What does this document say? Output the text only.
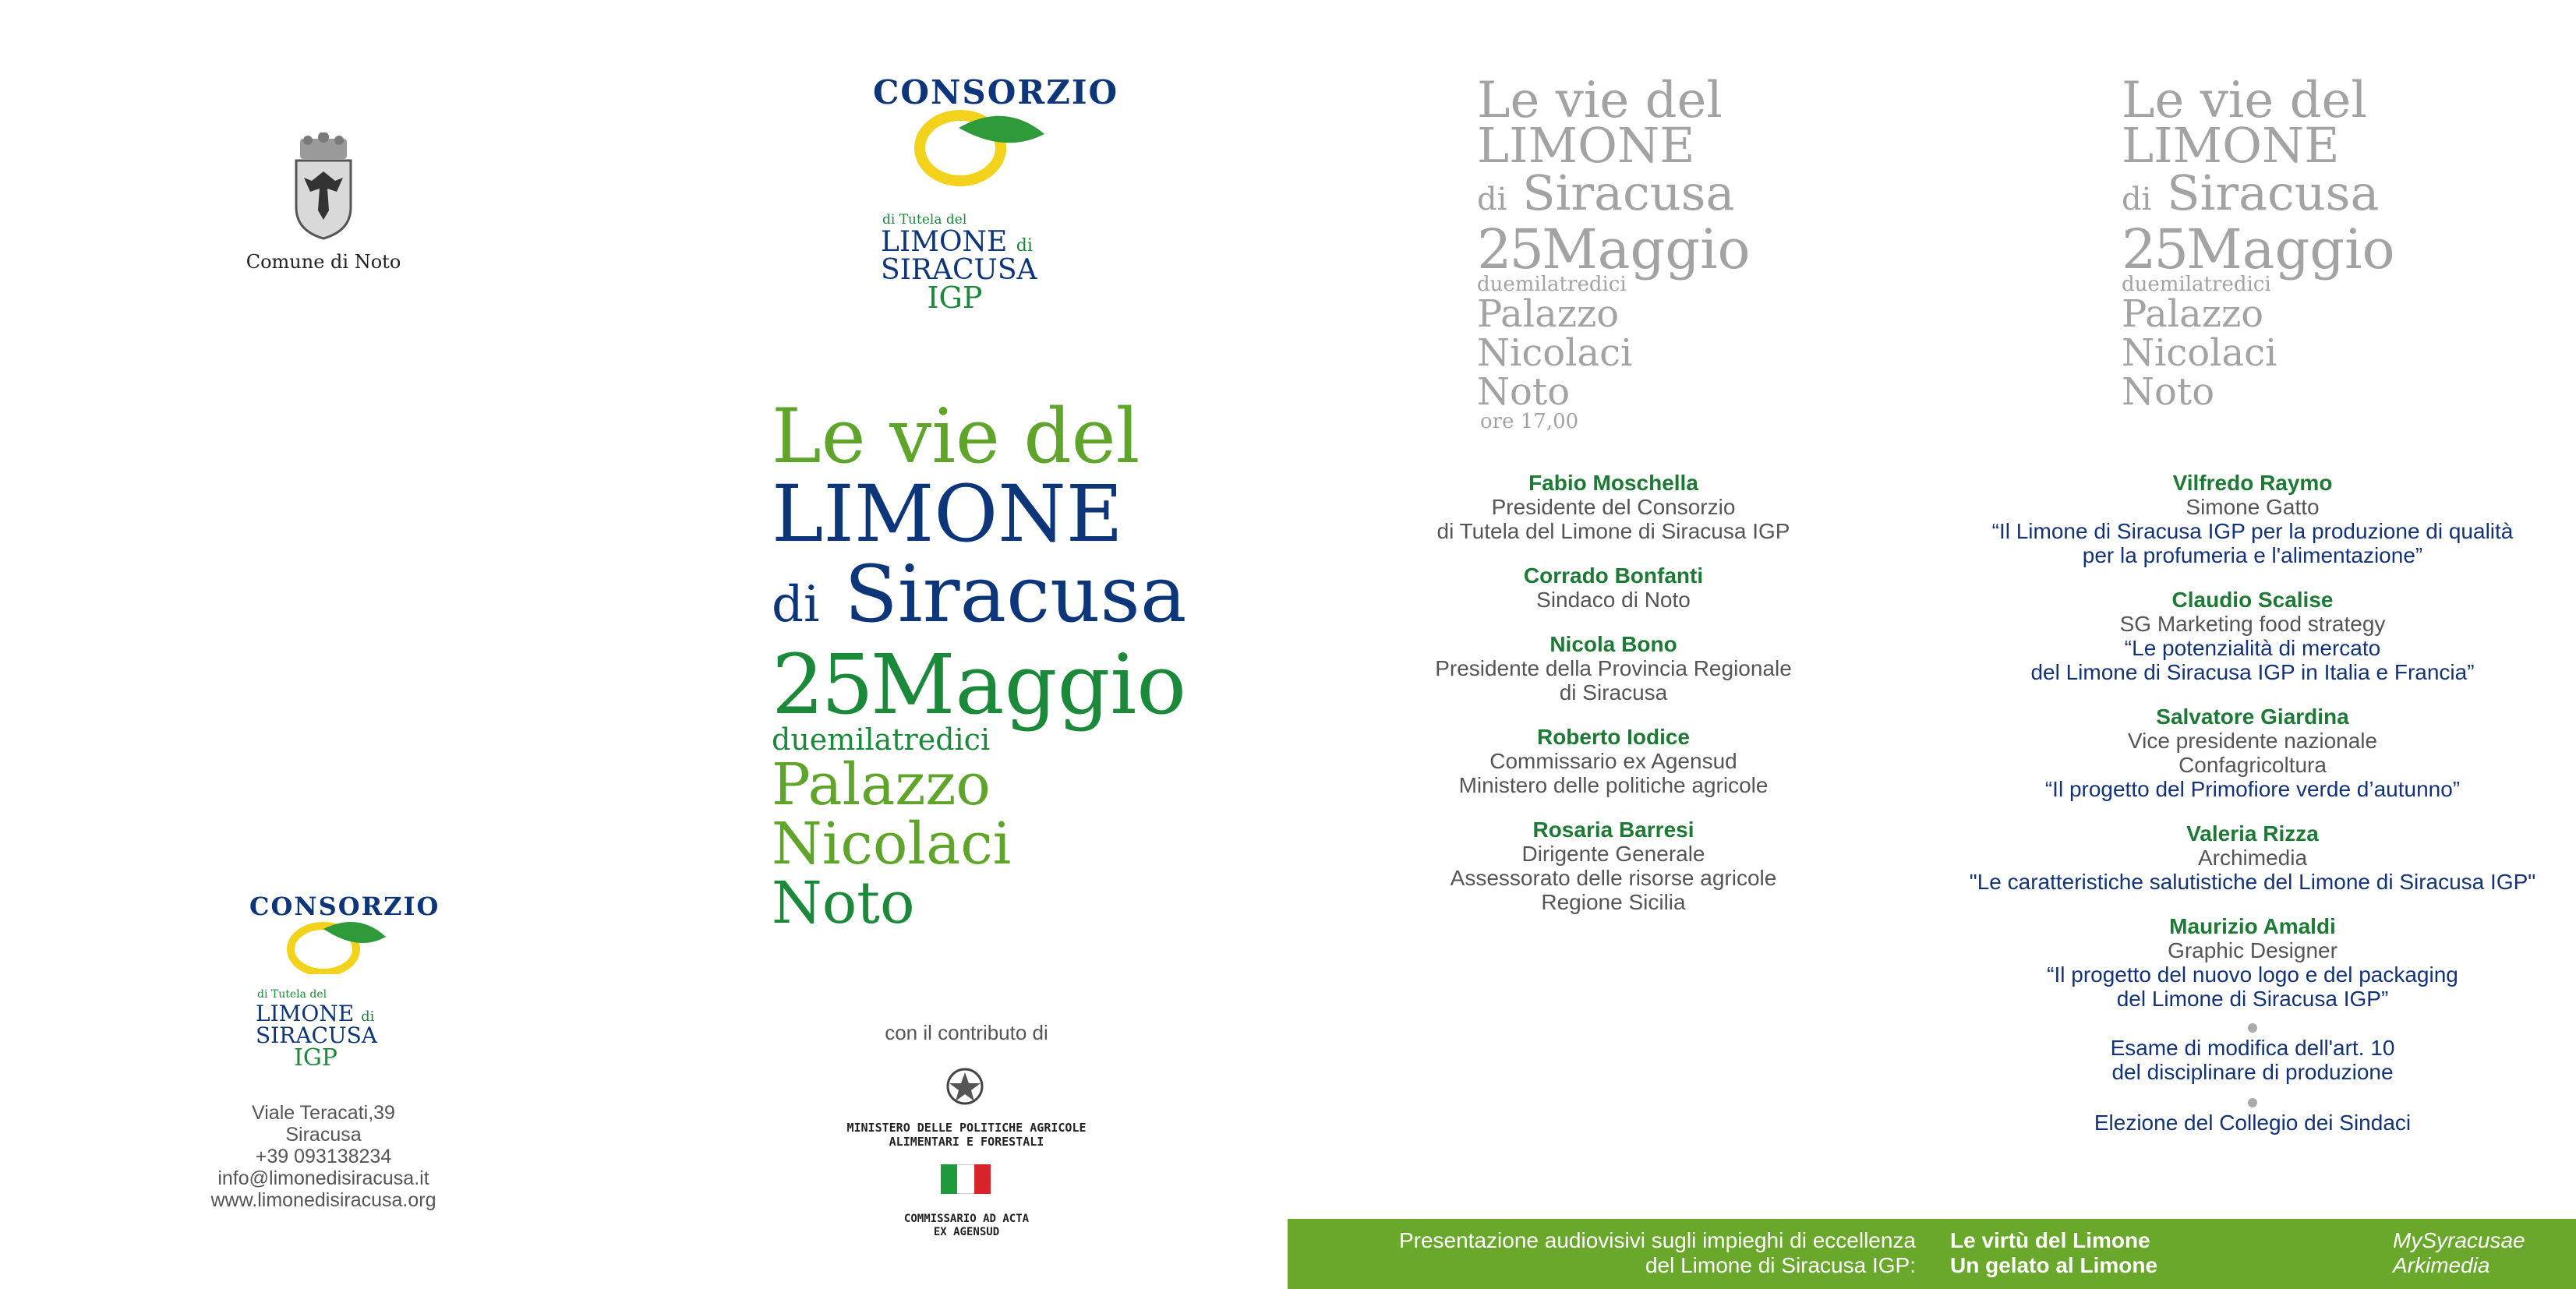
Comune di Noto
CONSORZIO
di Tutela del
LIMONE di
SIRACUSA
IGP
Viale Teracati,39
Siracusa
+39 093138234
info@limonedisiracusa.it
www.limonedisiracusa.org
CONSORZIO
di Tutela del
LIMONE di
SIRACUSA
IGP
Le vie del
LIMONE
di Siracusa
25Maggio
duemilatredici
Palazzo
Nicolaci
Noto
con il contributo di
MINISTERO DELLE POLITICHE AGRICOLE
ALIMENTARI E FORESTALI
COMMISSARIO AD ACTA
EX AGENSUD
Le vie del
LIMONE
di Siracusa
25Maggio
duemilatredici
Palazzo
Nicolaci
Noto
ore 17,00
Fabio Moschella
Presidente del Consorzio
di Tutela del Limone di Siracusa IGP
Corrado Bonfanti
Sindaco di Noto
Nicola Bono
Presidente della Provincia Regionale
di Siracusa
Roberto Iodice
Commissario ex Agensud
Ministero delle politiche agricole
Rosaria Barresi
Dirigente Generale
Assessorato delle risorse agricole
Regione Sicilia
Le vie del
LIMONE
di Siracusa
25Maggio
duemilatredici
Palazzo
Nicolaci
Noto
Vilfredo Raymo
Simone Gatto
“Il Limone di Siracusa IGP per la produzione di qualità
per la profumeria e l'alimentazione”
Claudio Scalise
SG Marketing food strategy
“Le potenzialità di mercato
del Limone di Siracusa IGP in Italia e Francia”
Salvatore Giardina
Vice presidente nazionale
Confagricoltura
“Il progetto del Primofiore verde d’autunno”
Valeria Rizza
Archimedia
"Le caratteristiche salutistiche del Limone di Siracusa IGP"
Maurizio Amaldi
Graphic Designer
“Il progetto del nuovo logo e del packaging
del Limone di Siracusa IGP”
Esame di modifica dell'art. 10
del disciplinare di produzione
Elezione del Collegio dei Sindaci
Presentazione audiovisivi sugli impieghi di eccellenza
del Limone di Siracusa IGP:
Le virtù del Limone
Un gelato al Limone
MySyracusae
Arkimedia
